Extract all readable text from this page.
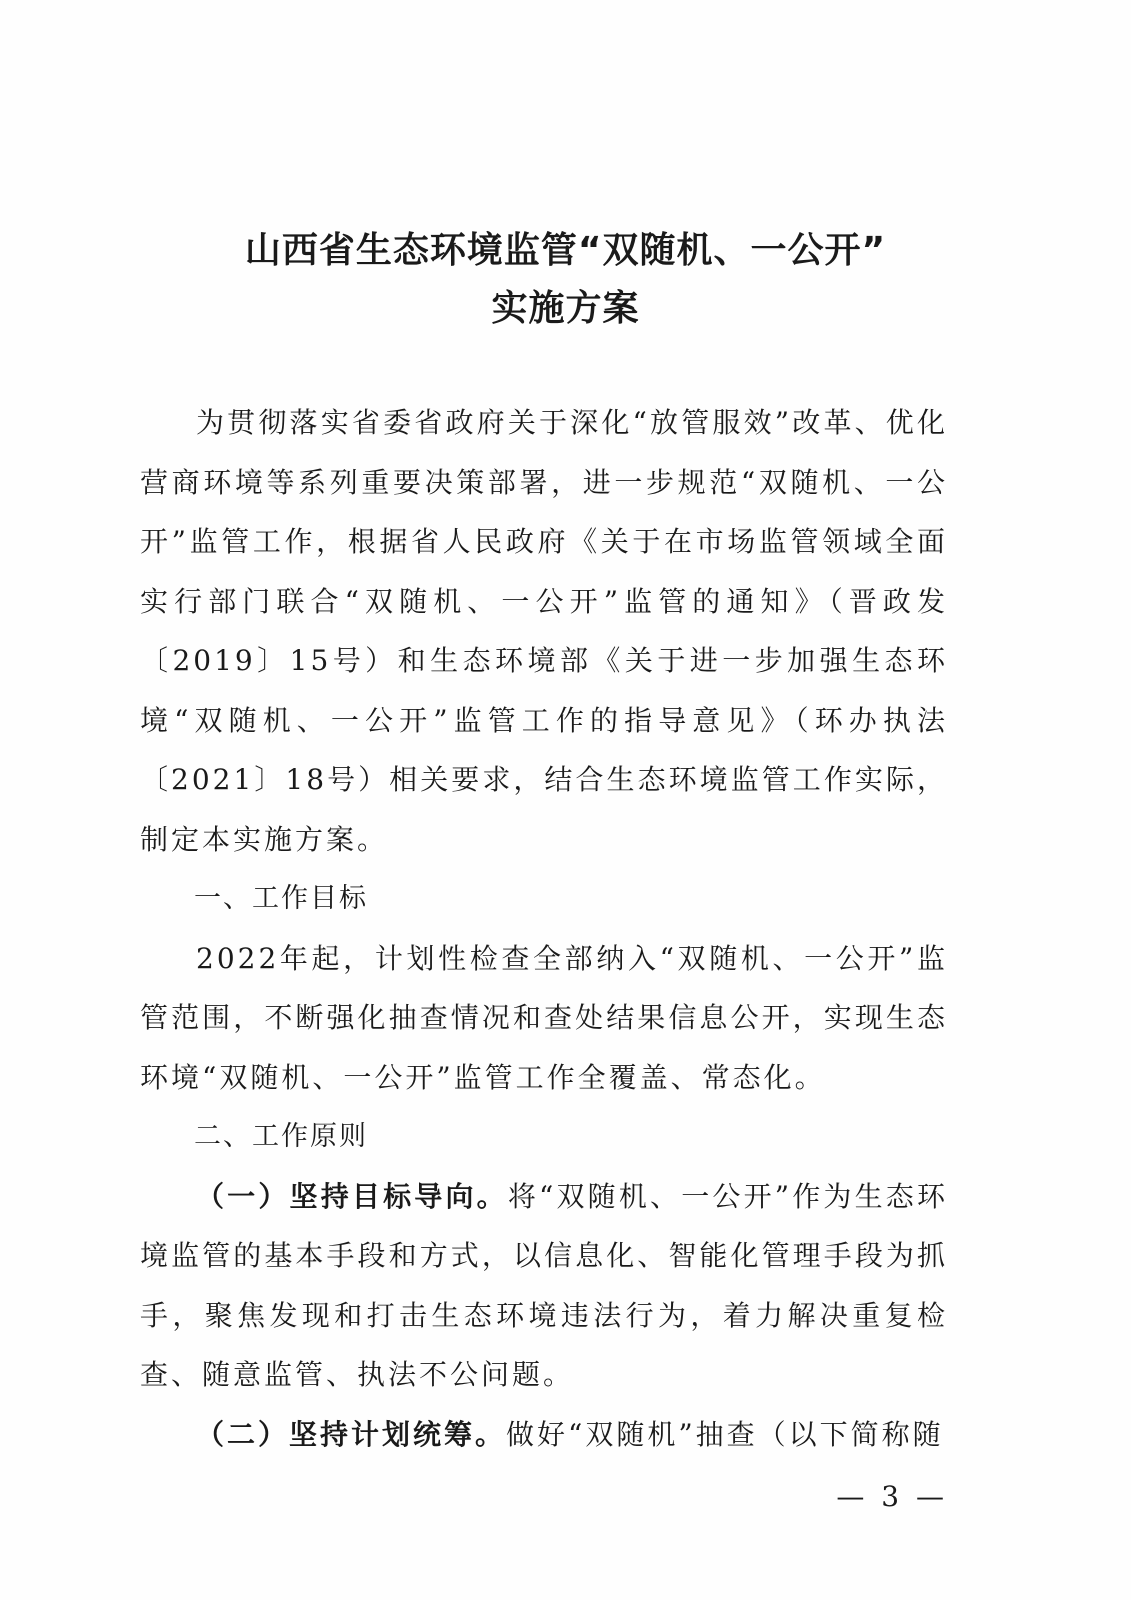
山西省生态环境监管“双随机、一公开”
实施方案

为贯彻落实省委省政府关于深化“放管服效”改革、优化营商环境等系列重要决策部署，进一步规范“双随机、一公开”监管工作，根据省人民政府《关于在市场监管领域全面实行部门联合“双随机、一公开”监管的通知》（晋政发〔2019〕15号）和生态环境部《关于进一步加强生态环境“双随机、一公开”监管工作的指导意见》（环办执法〔2021〕18号）相关要求，结合生态环境监管工作实际，制定本实施方案。

一、工作目标

2022年起，计划性检查全部纳入“双随机、一公开”监管范围，不断强化抽查情况和查处结果信息公开，实现生态环境“双随机、一公开”监管工作全覆盖、常态化。

二、工作原则

（一）坚持目标导向。将“双随机、一公开”作为生态环境监管的基本手段和方式，以信息化、智能化管理手段为抓手，聚焦发现和打击生态环境违法行为，着力解决重复检查、随意监管、执法不公问题。

（二）坚持计划统筹。做好“双随机”抽查（以下简称随

— 3 —
